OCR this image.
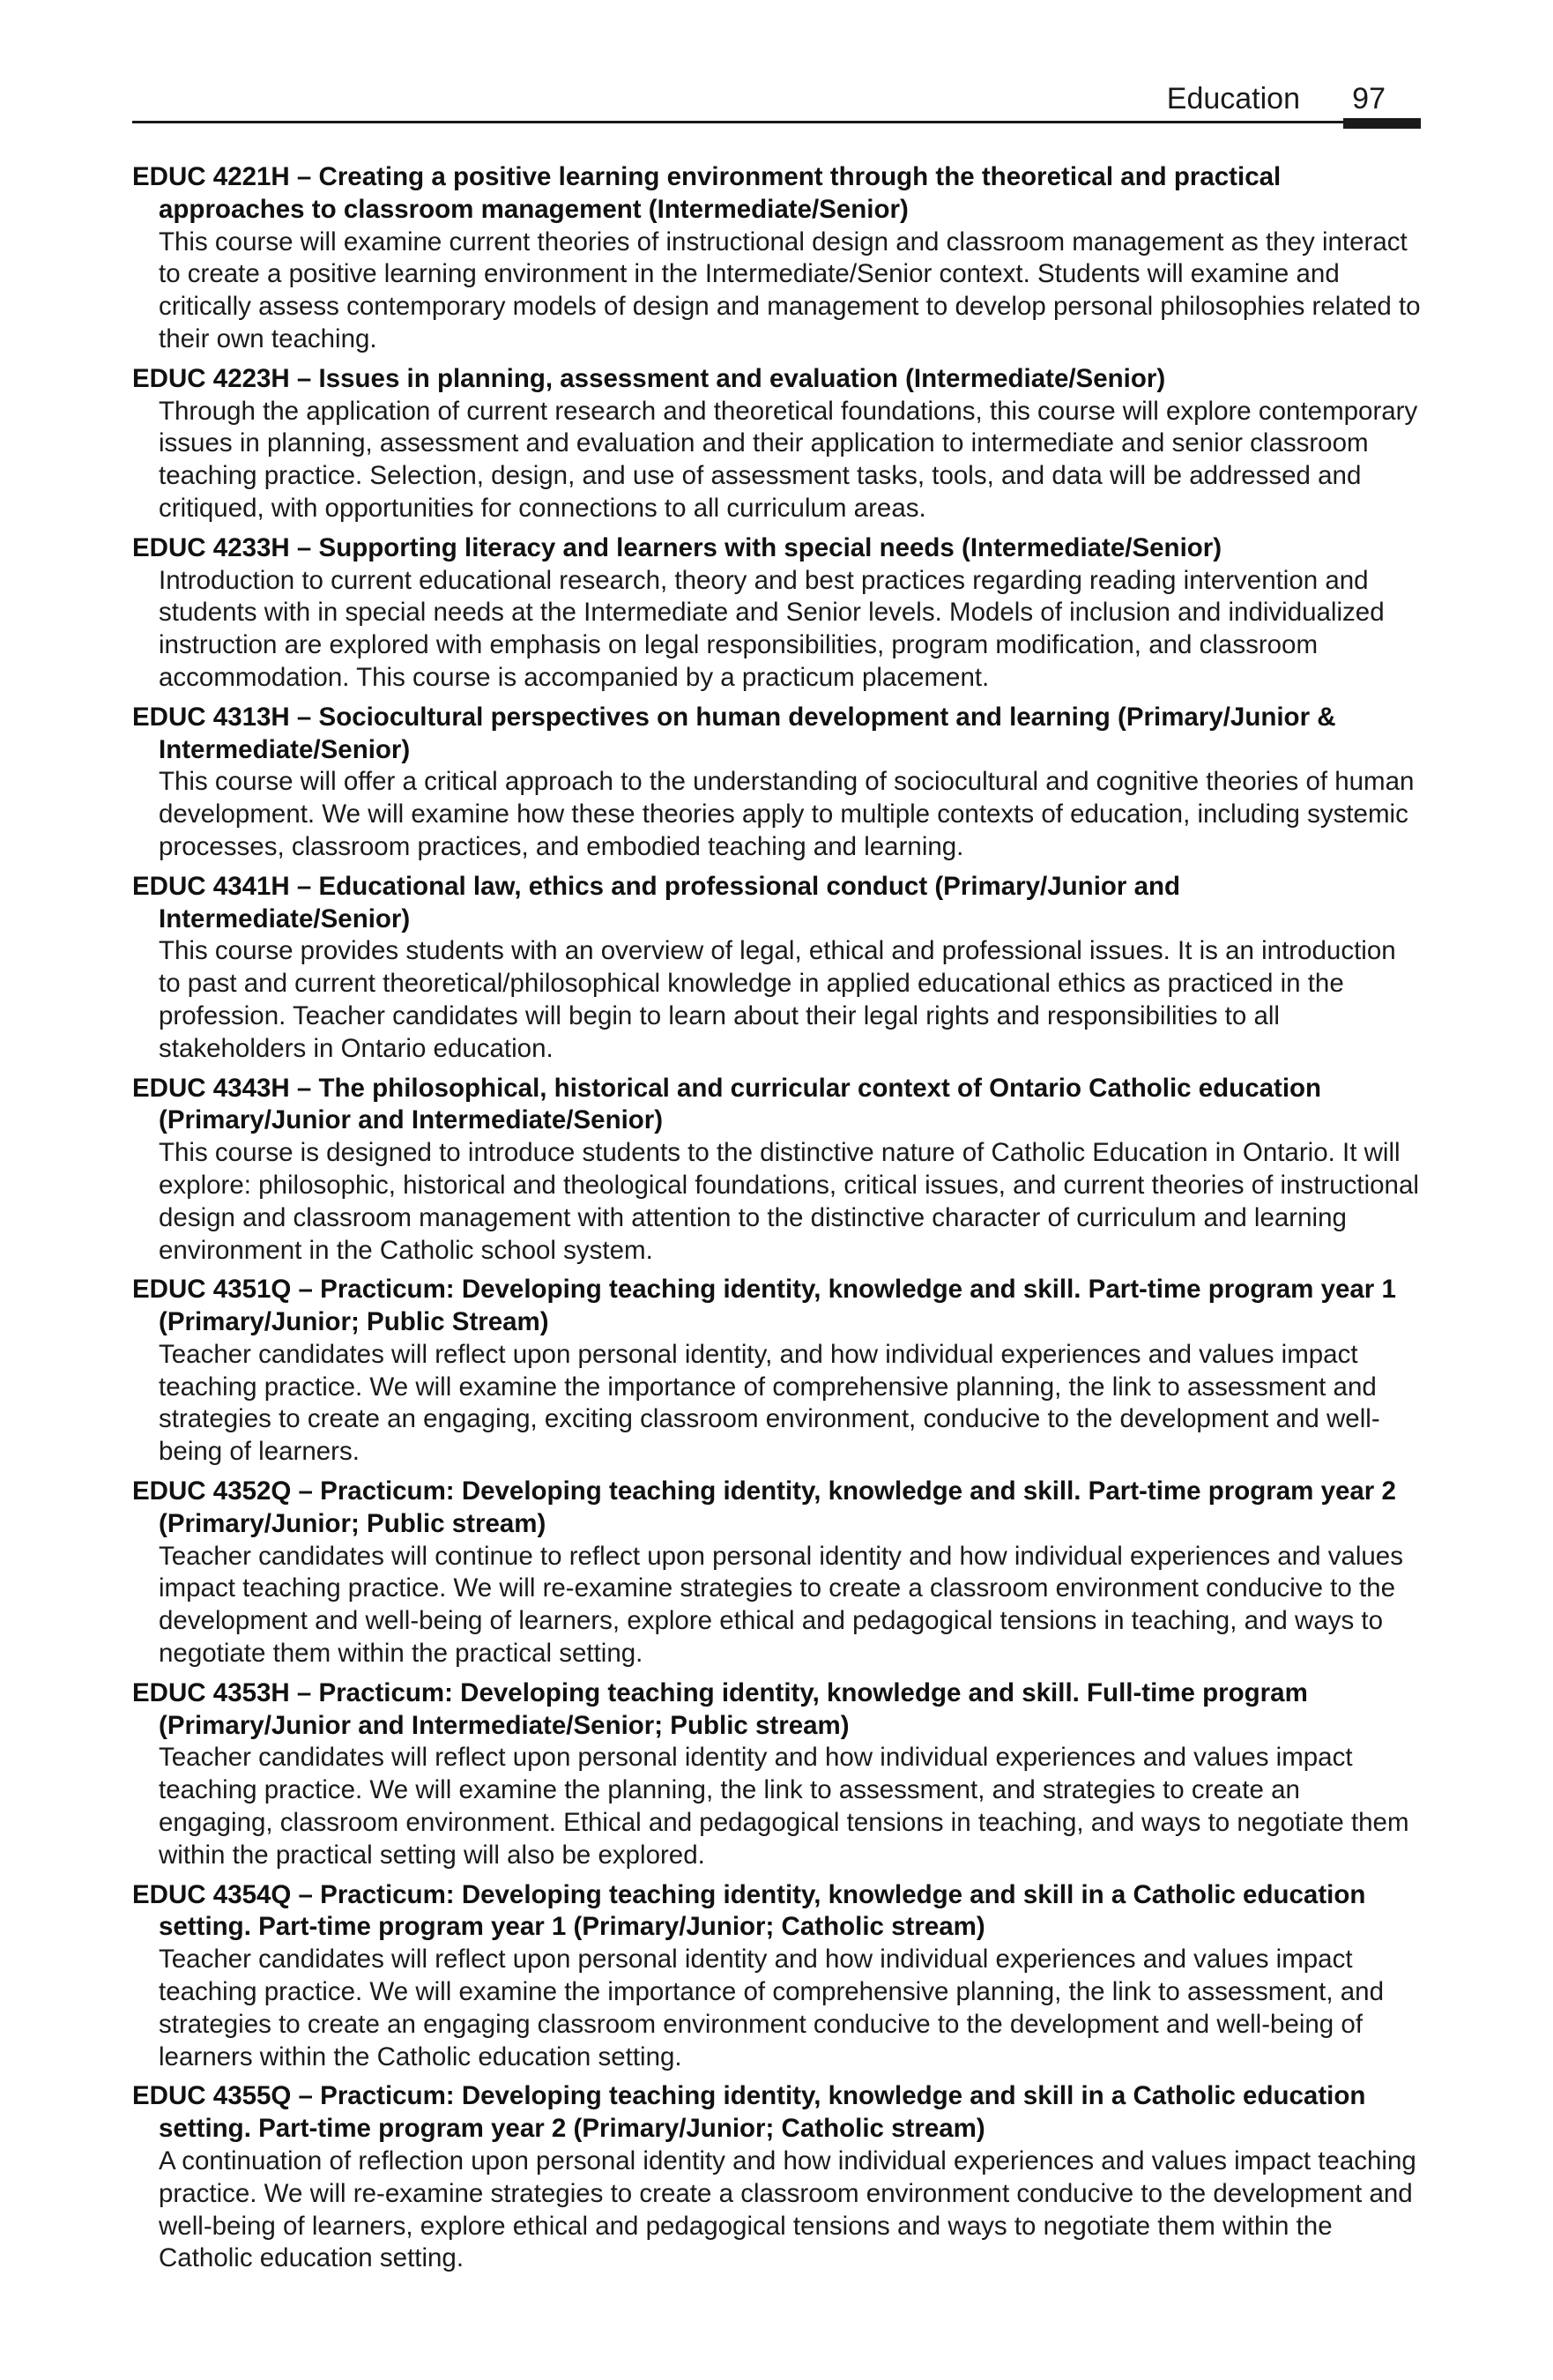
Education 97
EDUC 4221H – Creating a positive learning environment through the theoretical and practical approaches to classroom management (Intermediate/Senior)
This course will examine current theories of instructional design and classroom management as they interact to create a positive learning environment in the Intermediate/Senior context. Students will examine and critically assess contemporary models of design and management to develop personal philosophies related to their own teaching.
EDUC 4223H – Issues in planning, assessment and evaluation (Intermediate/Senior)
Through the application of current research and theoretical foundations, this course will explore contemporary issues in planning, assessment and evaluation and their application to intermediate and senior classroom teaching practice. Selection, design, and use of assessment tasks, tools, and data will be addressed and critiqued, with opportunities for connections to all curriculum areas.
EDUC 4233H – Supporting literacy and learners with special needs (Intermediate/Senior)
Introduction to current educational research, theory and best practices regarding reading intervention and students with in special needs at the Intermediate and Senior levels. Models of inclusion and individualized instruction are explored with emphasis on legal responsibilities, program modification, and classroom accommodation. This course is accompanied by a practicum placement.
EDUC 4313H – Sociocultural perspectives on human development and learning (Primary/Junior & Intermediate/Senior)
This course will offer a critical approach to the understanding of sociocultural and cognitive theories of human development. We will examine how these theories apply to multiple contexts of education, including systemic processes, classroom practices, and embodied teaching and learning.
EDUC 4341H – Educational law, ethics and professional conduct (Primary/Junior and Intermediate/Senior)
This course provides students with an overview of legal, ethical and professional issues. It is an introduction to past and current theoretical/philosophical knowledge in applied educational ethics as practiced in the profession. Teacher candidates will begin to learn about their legal rights and responsibilities to all stakeholders in Ontario education.
EDUC 4343H – The philosophical, historical and curricular context of Ontario Catholic education (Primary/Junior and Intermediate/Senior)
This course is designed to introduce students to the distinctive nature of Catholic Education in Ontario. It will explore: philosophic, historical and theological foundations, critical issues, and current theories of instructional design and classroom management with attention to the distinctive character of curriculum and learning environment in the Catholic school system.
EDUC 4351Q – Practicum: Developing teaching identity, knowledge and skill. Part-time program year 1 (Primary/Junior; Public Stream)
Teacher candidates will reflect upon personal identity, and how individual experiences and values impact teaching practice. We will examine the importance of comprehensive planning, the link to assessment and strategies to create an engaging, exciting classroom environment, conducive to the development and well-being of learners.
EDUC 4352Q – Practicum: Developing teaching identity, knowledge and skill. Part-time program year 2 (Primary/Junior; Public stream)
Teacher candidates will continue to reflect upon personal identity and how individual experiences and values impact teaching practice. We will re-examine strategies to create a classroom environment conducive to the development and well-being of learners, explore ethical and pedagogical tensions in teaching, and ways to negotiate them within the practical setting.
EDUC 4353H – Practicum: Developing teaching identity, knowledge and skill. Full-time program (Primary/Junior and Intermediate/Senior; Public stream)
Teacher candidates will reflect upon personal identity and how individual experiences and values impact teaching practice. We will examine the planning, the link to assessment, and strategies to create an engaging, classroom environment. Ethical and pedagogical tensions in teaching, and ways to negotiate them within the practical setting will also be explored.
EDUC 4354Q – Practicum: Developing teaching identity, knowledge and skill in a Catholic education setting. Part-time program year 1 (Primary/Junior; Catholic stream)
Teacher candidates will reflect upon personal identity and how individual experiences and values impact teaching practice. We will examine the importance of comprehensive planning, the link to assessment, and strategies to create an engaging classroom environment conducive to the development and well-being of learners within the Catholic education setting.
EDUC 4355Q – Practicum: Developing teaching identity, knowledge and skill in a Catholic education setting. Part-time program year 2 (Primary/Junior; Catholic stream)
A continuation of reflection upon personal identity and how individual experiences and values impact teaching practice. We will re-examine strategies to create a classroom environment conducive to the development and well-being of learners, explore ethical and pedagogical tensions and ways to negotiate them within the Catholic education setting.
